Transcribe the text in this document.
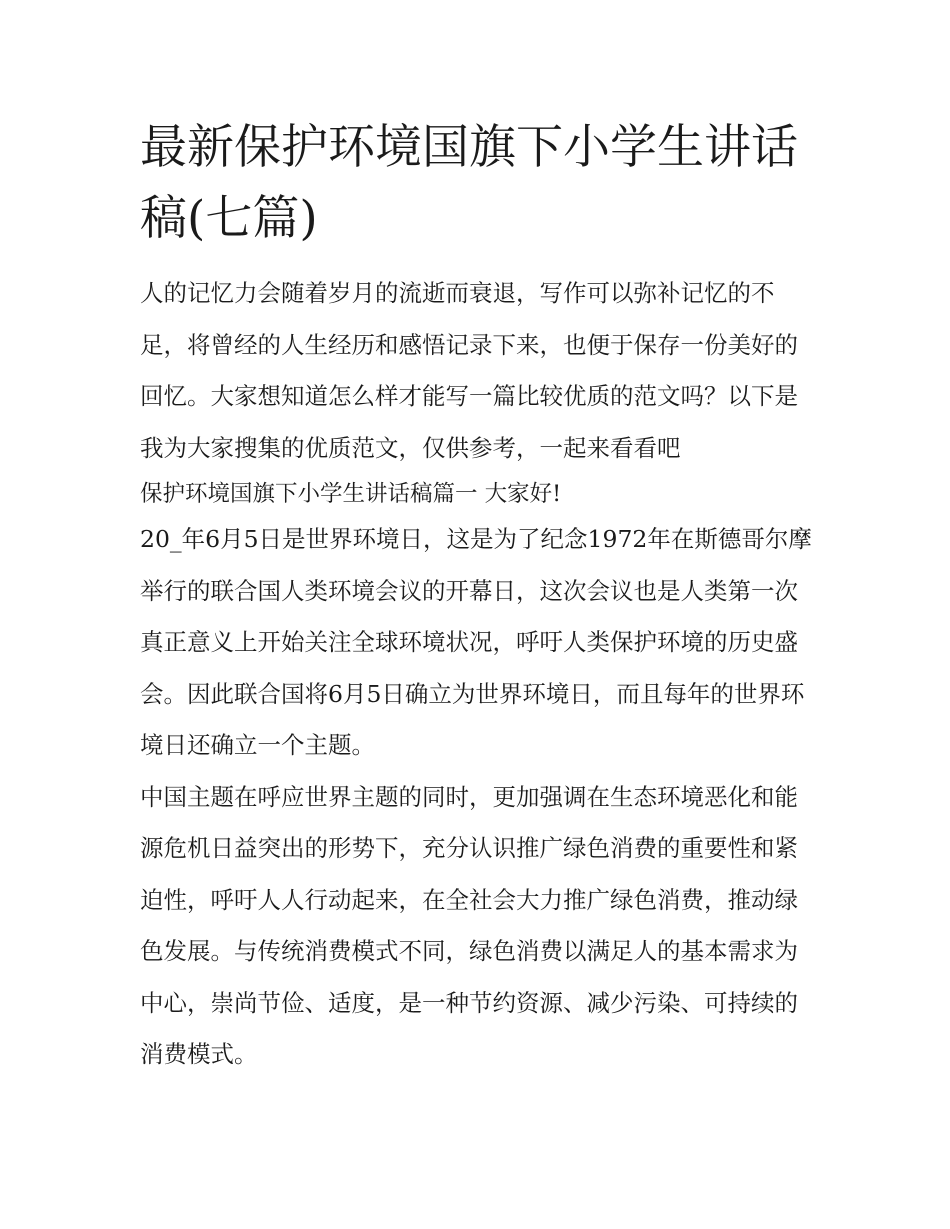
最新保护环境国旗下小学生讲话稿(七篇)

人的记忆力会随着岁月的流逝而衰退，写作可以弥补记忆的不足，将曾经的人生经历和感悟记录下来，也便于保存一份美好的回忆。大家想知道怎么样才能写一篇比较优质的范文吗？以下是我为大家搜集的优质范文，仅供参考，一起来看看吧

保护环境国旗下小学生讲话稿篇一 大家好!

20_年6月5日是世界环境日，这是为了纪念1972年在斯德哥尔摩举行的联合国人类环境会议的开幕日，这次会议也是人类第一次真正意义上开始关注全球环境状况，呼吁人类保护环境的历史盛会。因此联合国将6月5日确立为世界环境日，而且每年的世界环境日还确立一个主题。

中国主题在呼应世界主题的同时，更加强调在生态环境恶化和能源危机日益突出的形势下，充分认识推广绿色消费的重要性和紧迫性，呼吁人人行动起来，在全社会大力推广绿色消费，推动绿色发展。与传统消费模式不同，绿色消费以满足人的基本需求为中心，崇尚节俭、适度，是一种节约资源、减少污染、可持续的消费模式。
